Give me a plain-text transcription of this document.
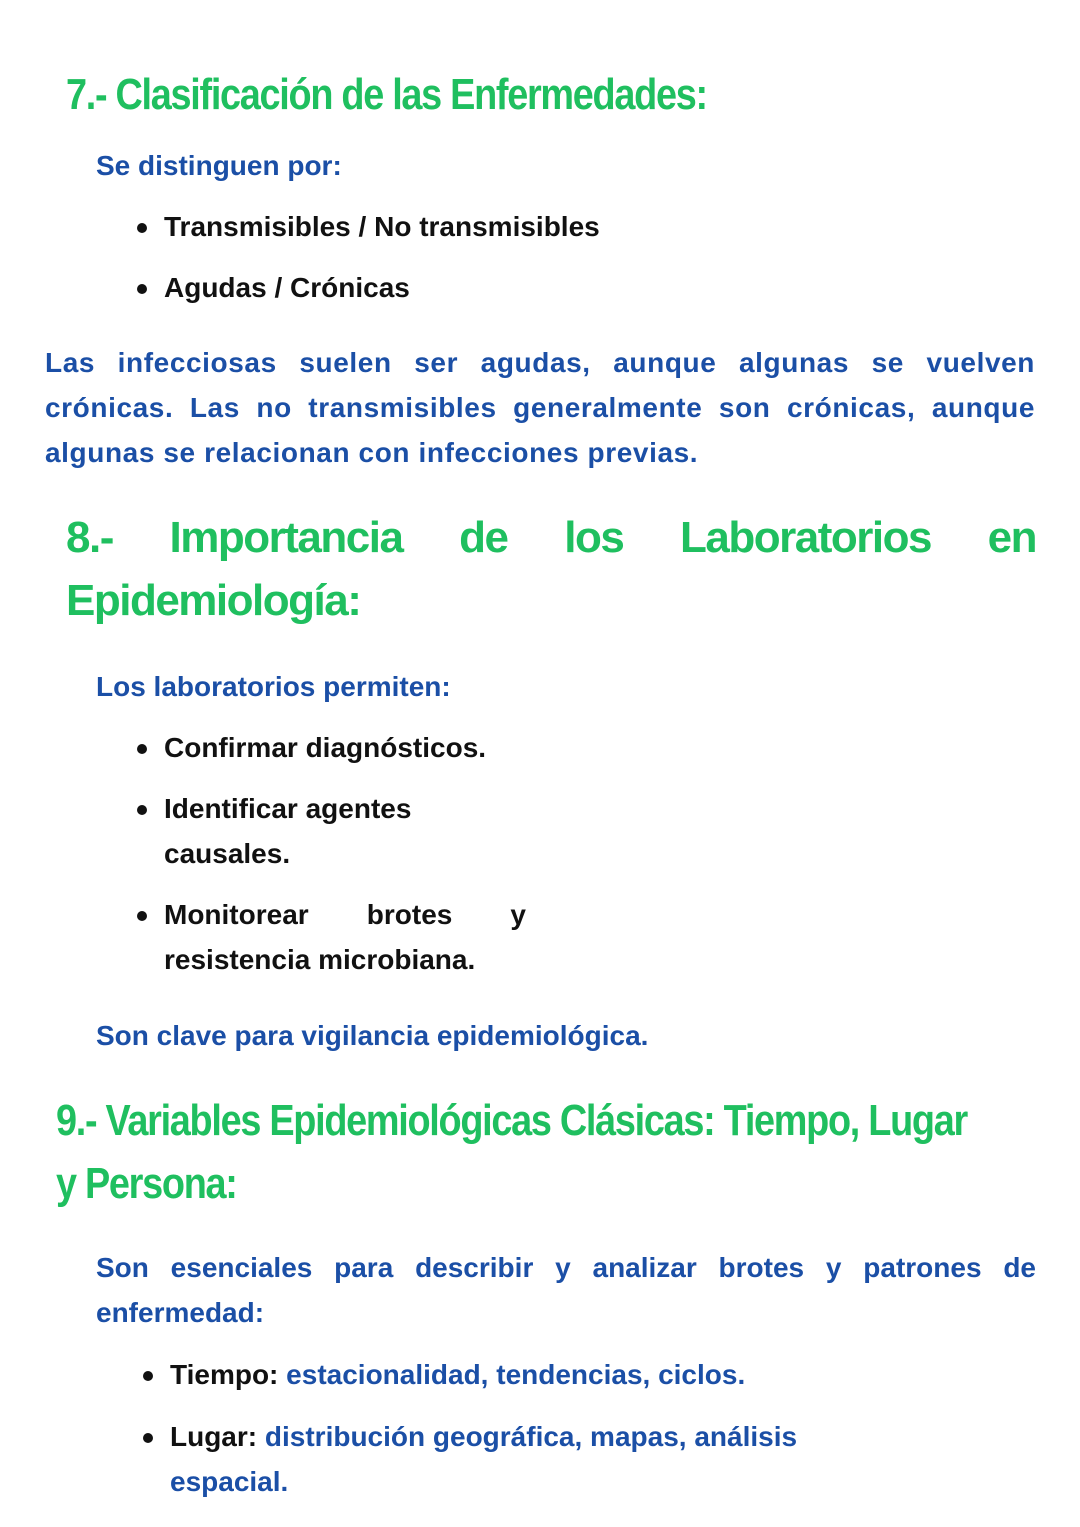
7.- Clasificación de las Enfermedades:
Se distinguen por:
Transmisibles / No transmisibles
Agudas / Crónicas
Las infecciosas suelen ser agudas, aunque algunas se vuelven crónicas. Las no transmisibles generalmente son crónicas, aunque algunas se relacionan con infecciones previas.
8.- Importancia de los Laboratorios en
Epidemiología:
Los laboratorios permiten:
Confirmar diagnósticos.
Identificar agentes causales.
Monitorear brotes y resistencia microbiana.
Son clave para vigilancia epidemiológica.
9.- Variables Epidemiológicas Clásicas: Tiempo, Lugar
y Persona:
Son esenciales para describir y analizar brotes y patrones de enfermedad:
Tiempo: estacionalidad, tendencias, ciclos.
Lugar: distribución geográfica, mapas, análisis espacial.
